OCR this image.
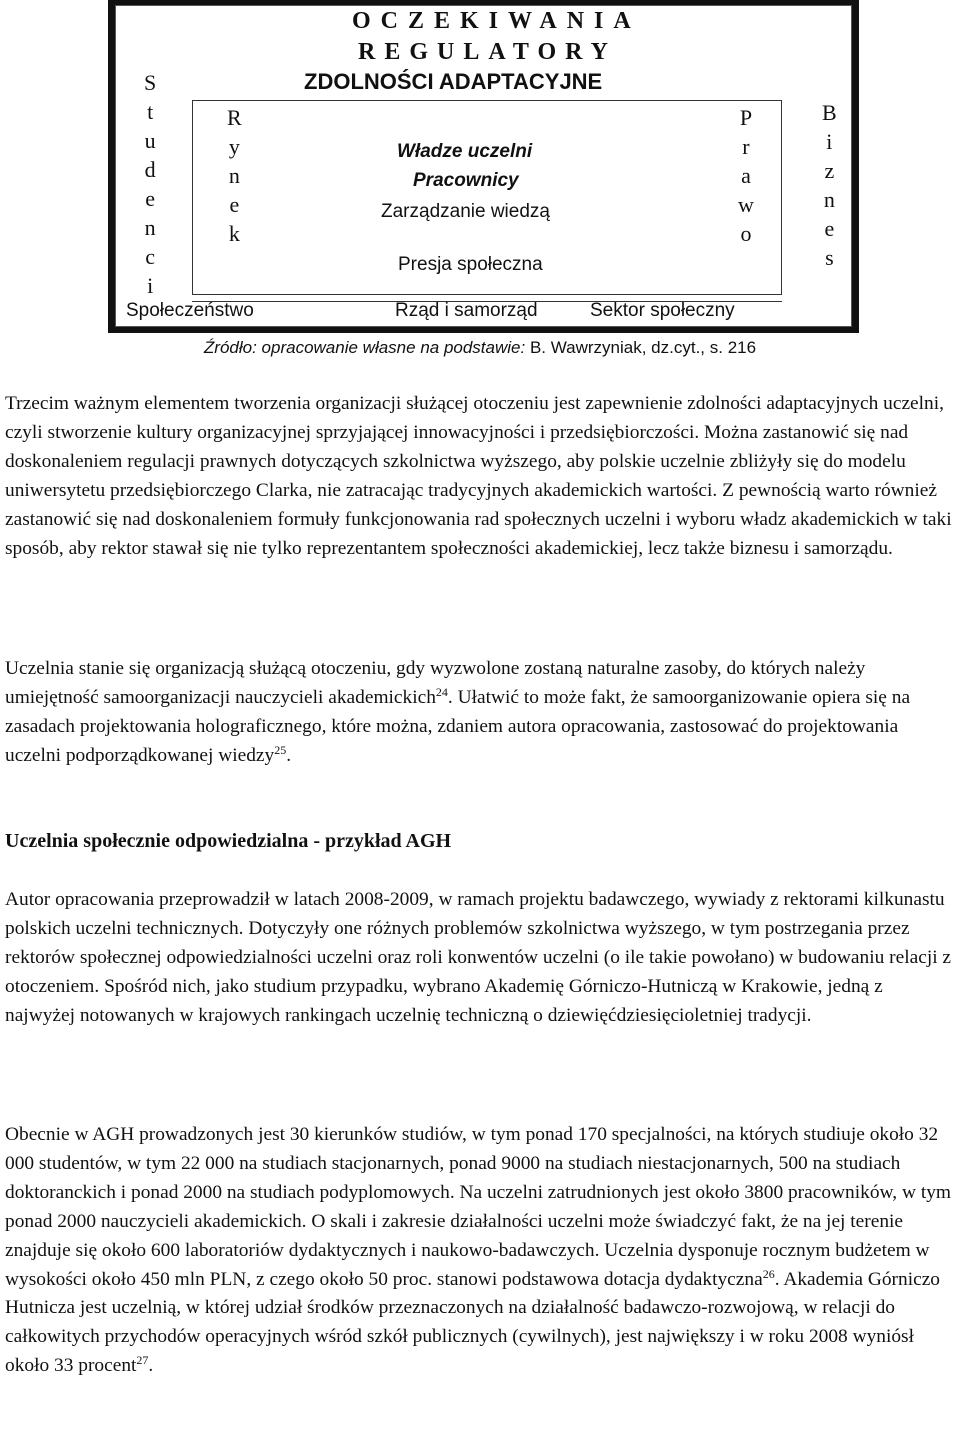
OCZEKIWANIA
REGULATORY
ZDOLNOŚCI ADAPTACYJNE
S
t
u
d
e
n
c
i
B
i
z
n
e
s
R
y
n
e
k
P
r
a
w
o
Władze uczelni
Pracownicy
Zarządzanie wiedzą
Presja społeczna
Społeczeństwo	Rząd i samorząd	Sektor społeczny
Źródło: opracowanie własne na podstawie: B. Wawrzyniak, dz.cyt., s. 216

Trzecim ważnym elementem tworzenia organizacji służącej otoczeniu jest zapewnienie zdolności adaptacyjnych uczelni, czyli stworzenie kultury organizacyjnej sprzyjającej innowacyjności i przedsiębiorczości. Można zastanowić się nad doskonaleniem regulacji prawnych dotyczących szkolnictwa wyższego, aby polskie uczelnie zbliżyły się do modelu uniwersytetu przedsiębiorczego Clarka, nie zatracając tradycyjnych akademickich wartości. Z pewnością warto również zastanowić się nad doskonaleniem formuły funkcjonowania rad społecznych uczelni i wyboru władz akademickich w taki sposób, aby rektor stawał się nie tylko reprezentantem społeczności akademickiej, lecz także biznesu i samorządu.

Uczelnia stanie się organizacją służącą otoczeniu, gdy wyzwolone zostaną naturalne zasoby, do których należy umiejętność samoorganizacji nauczycieli akademickich$^{24}$. Ułatwić to może fakt, że samoorganizowanie opiera się na zasadach projektowania holograficznego, które można, zdaniem autora opracowania, zastosować do projektowania uczelni podporządkowanej wiedzy$^{25}$.

Uczelnia społecznie odpowiedzialna - przykład AGH

Autor opracowania przeprowadził w latach 2008-2009, w ramach projektu badawczego, wywiady z rektorami kilkunastu polskich uczelni technicznych. Dotyczyły one różnych problemów szkolnictwa wyższego, w tym postrzegania przez rektorów społecznej odpowiedzialności uczelni oraz roli konwentów uczelni (o ile takie powołano) w budowaniu relacji z otoczeniem. Spośród nich, jako studium przypadku, wybrano Akademię Górniczo-Hutniczą w Krakowie, jedną z najwyżej notowanych w krajowych rankingach uczelnię techniczną o dziewięćdziesięcioletniej tradycji.

Obecnie w AGH prowadzonych jest 30 kierunków studiów, w tym ponad 170 specjalności, na których studiuje około 32 000 studentów, w tym 22 000 na studiach stacjonarnych, ponad 9000 na studiach niestacjonarnych, 500 na studiach doktoranckich i ponad 2000 na studiach podyplomowych. Na uczelni zatrudnionych jest około 3800 pracowników, w tym ponad 2000 nauczycieli akademickich. O skali i zakresie działalności uczelni może świadczyć fakt, że na jej terenie znajduje się około 600 laboratoriów dydaktycznych i naukowo-badawczych. Uczelnia dysponuje rocznym budżetem w wysokości około 450 mln PLN, z czego około 50 proc. stanowi podstawowa dotacja dydaktyczna$^{26}$. Akademia Górniczo Hutnicza jest uczelnią, w której udział środków przeznaczonych na działalność badawczo-rozwojową, w relacji do całkowitych przychodów operacyjnych wśród szkół publicznych (cywilnych), jest największy i w roku 2008 wyniósł około 33 procent$^{27}$.
